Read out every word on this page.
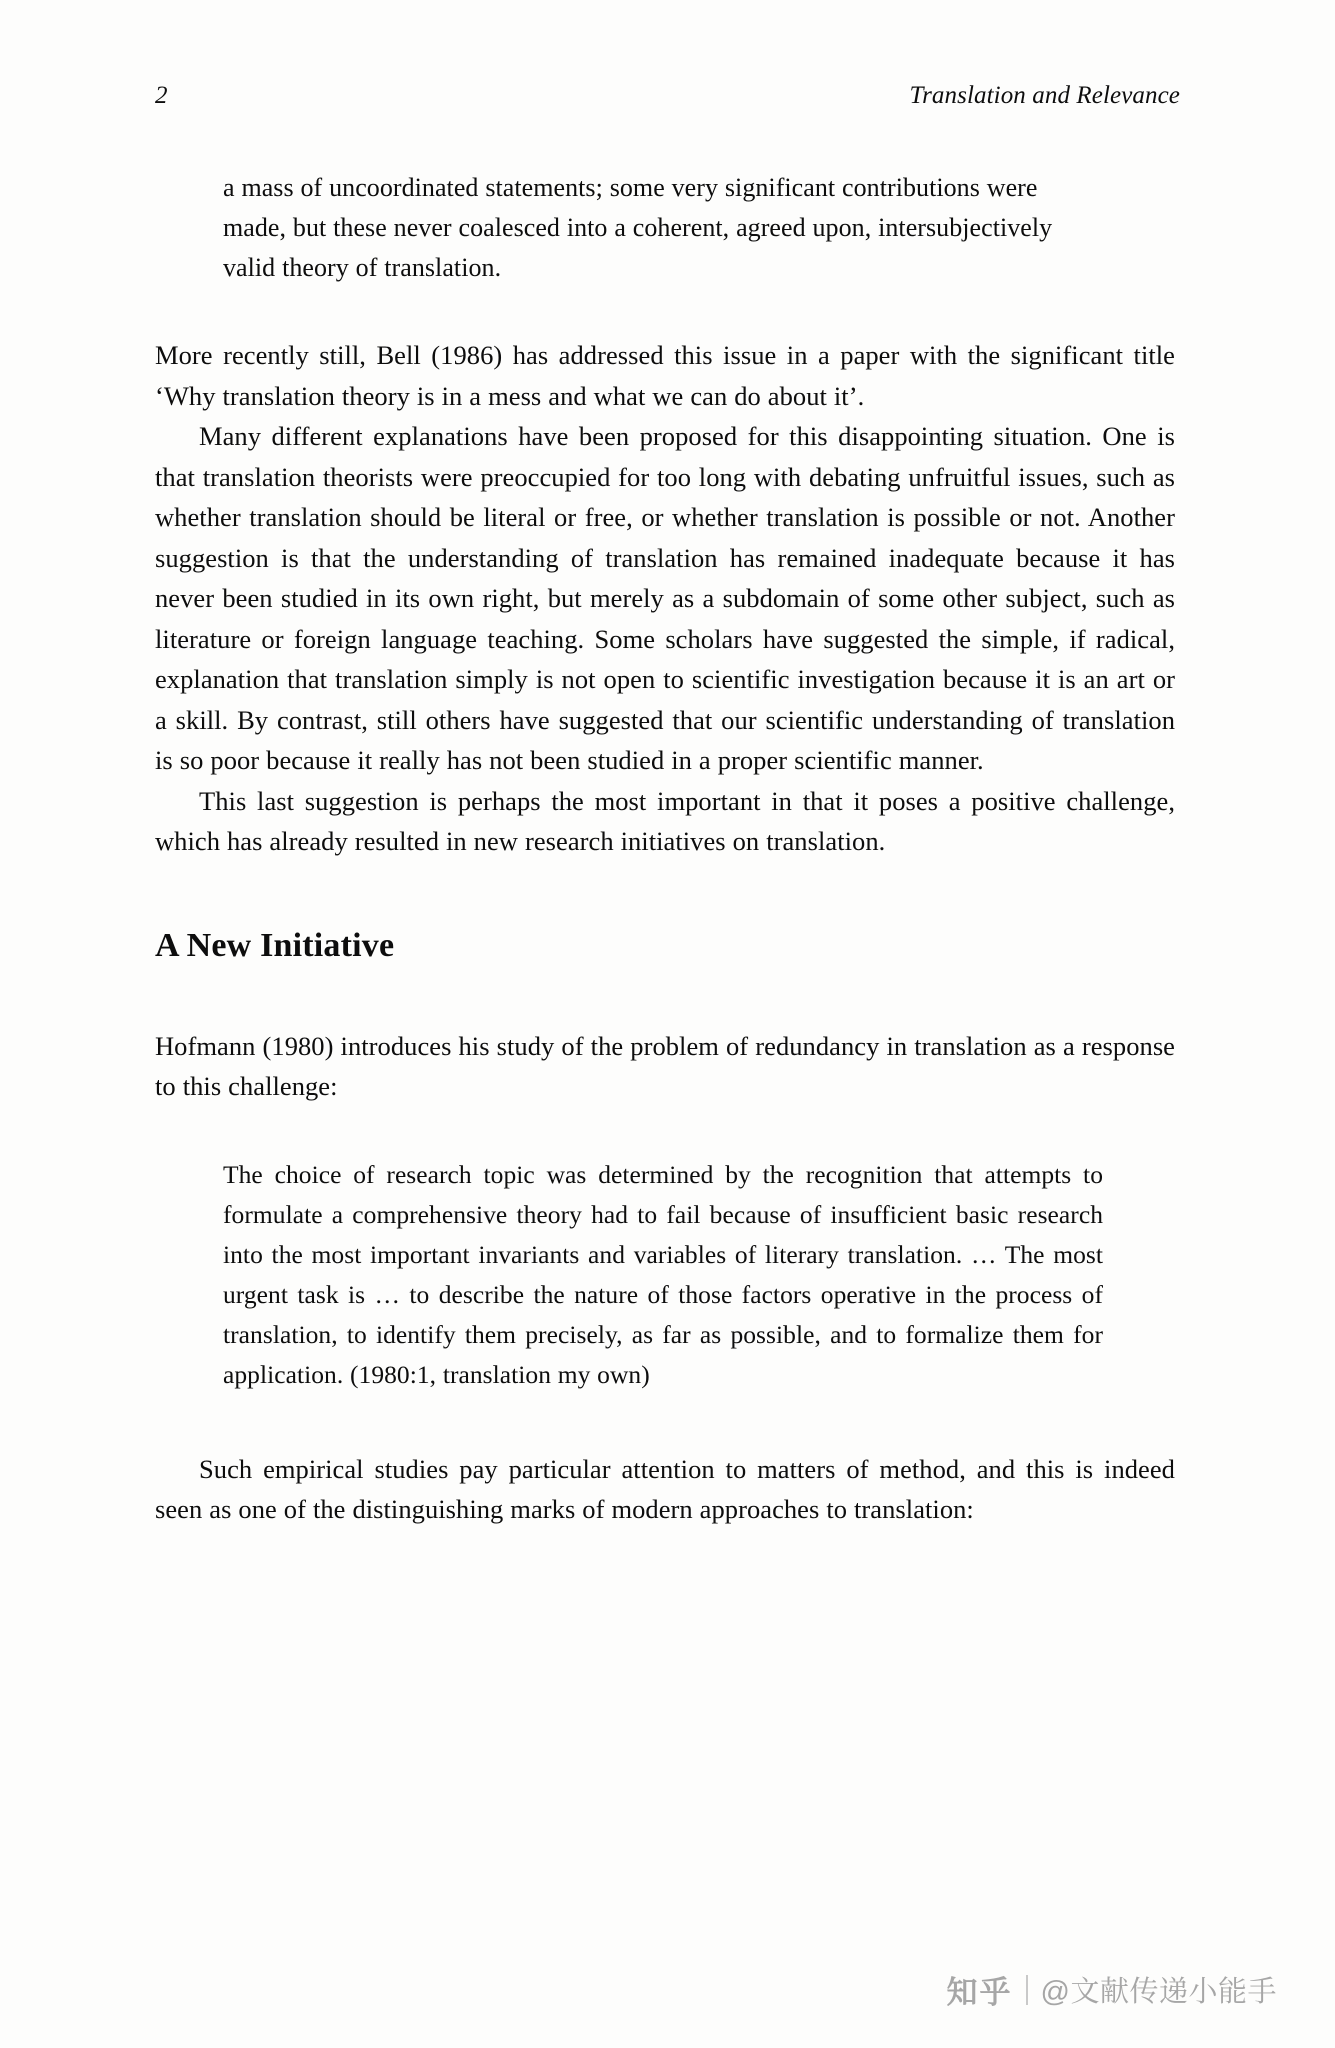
2	Translation and Relevance

a mass of uncoordinated statements; some very significant contributions were made, but these never coalesced into a coherent, agreed upon, intersubjectively valid theory of translation.

More recently still, Bell (1986) has addressed this issue in a paper with the significant title ‘Why translation theory is in a mess and what we can do about it’.

Many different explanations have been proposed for this disappointing situation. One is that translation theorists were preoccupied for too long with debating unfruitful issues, such as whether translation should be literal or free, or whether translation is possible or not. Another suggestion is that the understanding of translation has remained inadequate because it has never been studied in its own right, but merely as a subdomain of some other subject, such as literature or foreign language teaching. Some scholars have suggested the simple, if radical, explanation that translation simply is not open to scientific investigation because it is an art or a skill. By contrast, still others have suggested that our scientific understanding of translation is so poor because it really has not been studied in a proper scientific manner.

This last suggestion is perhaps the most important in that it poses a positive challenge, which has already resulted in new research initiatives on translation.

A New Initiative

Hofmann (1980) introduces his study of the problem of redundancy in translation as a response to this challenge:

The choice of research topic was determined by the recognition that attempts to formulate a comprehensive theory had to fail because of insufficient basic research into the most important invariants and variables of literary translation. … The most urgent task is … to describe the nature of those factors operative in the process of translation, to identify them precisely, as far as possible, and to formalize them for application. (1980:1, translation my own)

Such empirical studies pay particular attention to matters of method, and this is indeed seen as one of the distinguishing marks of modern approaches to translation:

知乎 @文献传递小能手
